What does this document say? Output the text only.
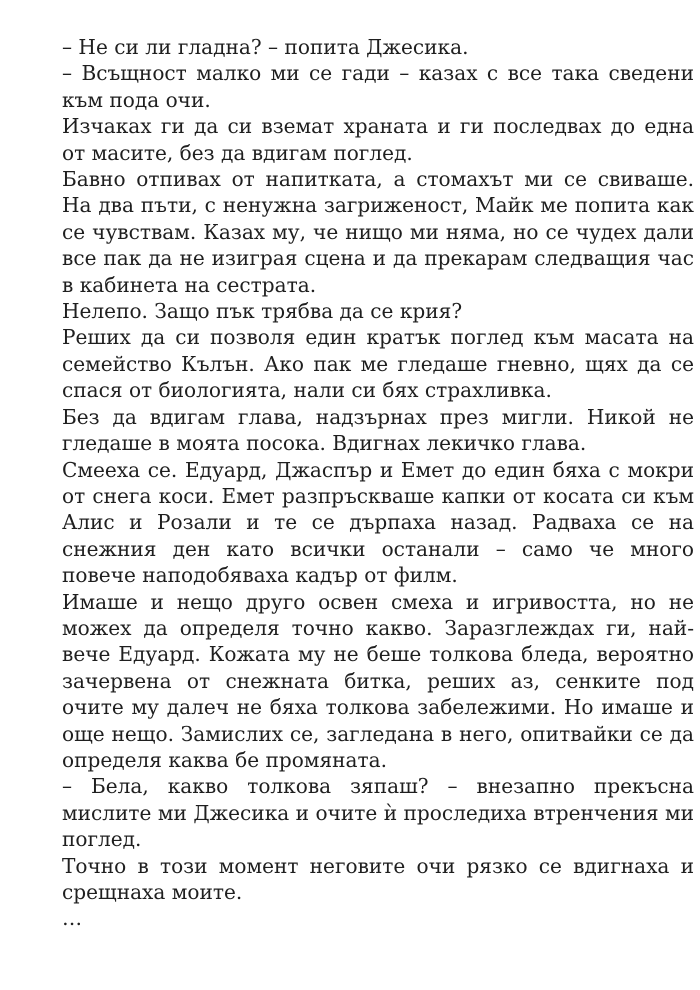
– Не си ли гладна? – попита Джесика.

– Всъщност малко ми се гади – казах с все така сведени към пода очи.

Изчаках ги да си вземат храната и ги последвах до една от масите, без да вдигам поглед.

Бавно отпивах от напитката, а стомахът ми се свиваше. На два пъти, с ненужна загриженост, Майк ме попита как се чувствам. Казах му, че нищо ми няма, но се чудех дали все пак да не изиграя сцена и да прекарам следващия час в кабинета на сестрата.

Нелепо. Защо пък трябва да се крия?

Реших да си позволя един кратък поглед към масата на семейство Кълън. Ако пак ме гледаше гневно, щях да се спася от биологията, нали си бях страхливка.

Без да вдигам глава, надзърнах през мигли. Никой не гледаше в моята посока. Вдигнах лекичко глава.

Смееха се. Едуард, Джаспър и Емет до един бяха с мокри от снега коси. Емет разпръскваше капки от косата си към Алис и Розали и те се дърпаха назад. Радваха се на снежния ден като всички останали – само че много повече наподобяваха кадър от филм.

Имаше и нещо друго освен смеха и игривостта, но не можех да определя точно какво. Заразглеждах ги, най-вече Едуард. Кожата му не беше толкова бледа, вероятно зачервена от снежната битка, реших аз, сенките под очите му далеч не бяха толкова забележими. Но имаше и още нещо. Замислих се, загледана в него, опитвайки се да определя каква бе промяната.

– Бела, какво толкова зяпаш? – внезапно прекъсна мислите ми Джесика и очите ѝ проследиха втренчения ми поглед.

Точно в този момент неговите очи рязко се вдигнаха и срещнаха моите.

…
